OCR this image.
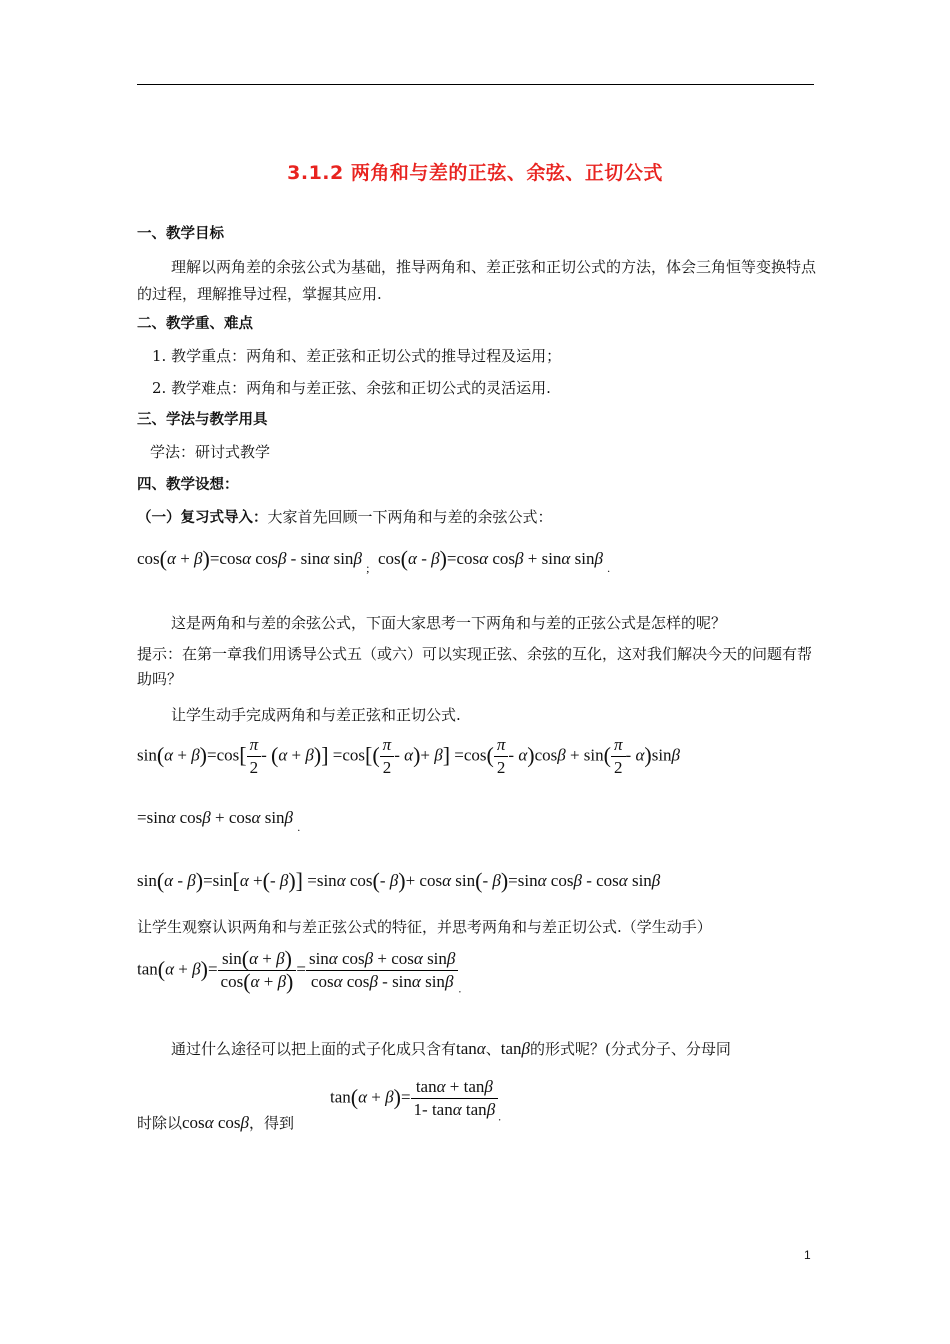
3.1.2 两角和与差的正弦、余弦、正切公式
一、教学目标
理解以两角差的余弦公式为基础，推导两角和、差正弦和正切公式的方法，体会三角恒等变换特点的过程，理解推导过程，掌握其应用.
二、教学重、难点
1. 教学重点：两角和、差正弦和正切公式的推导过程及运用；
2. 教学难点：两角和与差正弦、余弦和正切公式的灵活运用.
三、学法与教学用具
学法：研讨式教学
四、教学设想：
（一）复习式导入：大家首先回顾一下两角和与差的余弦公式：
cos(α + β)=cosα cosβ - sinα sinβ $_;$  cos(α - β)=cosα cosβ + sinα sinβ $_.$
这是两角和与差的余弦公式，下面大家思考一下两角和与差的正弦公式是怎样的呢？
提示：在第一章我们用诱导公式五（或六）可以实现正弦、余弦的互化，这对我们解决今天的问题有帮助吗？
让学生动手完成两角和与差正弦和正切公式.
$\sin(\alpha + \beta)=\cos[ \frac{\pi}{2} - (\alpha + \beta)] =\cos[( \frac{\pi}{2} - \alpha)+ \beta] =\cos( \frac{\pi}{2} - \alpha)\cos\beta + \sin( \frac{\pi}{2} - \alpha)\sin\beta$
=sinα cosβ + cosα sinβ $_.$
sin(α - β)=sin[α +(- β)] =sinα cos(- β)+ cosα sin(- β)=sinα cosβ - cosα sinβ
让学生观察认识两角和与差正弦公式的特征，并思考两角和与差正切公式.（学生动手）
$\tan(\alpha + \beta)= \frac{\sin(\alpha + \beta)}{\cos(\alpha + \beta)} = \frac{\text{sinα cosβ + cosα sinβ}}{\text{cosα cosβ - sinα sinβ}} _.$
通过什么途径可以把上面的式子化成只含有tanα、tanβ的形式呢？(分式分子、分母同
时除以cosα cosβ，得到
$\tan(\alpha + \beta)= \frac{\tan\alpha + \tan\beta}{\text{1- tanα tanβ}} _.$
1
